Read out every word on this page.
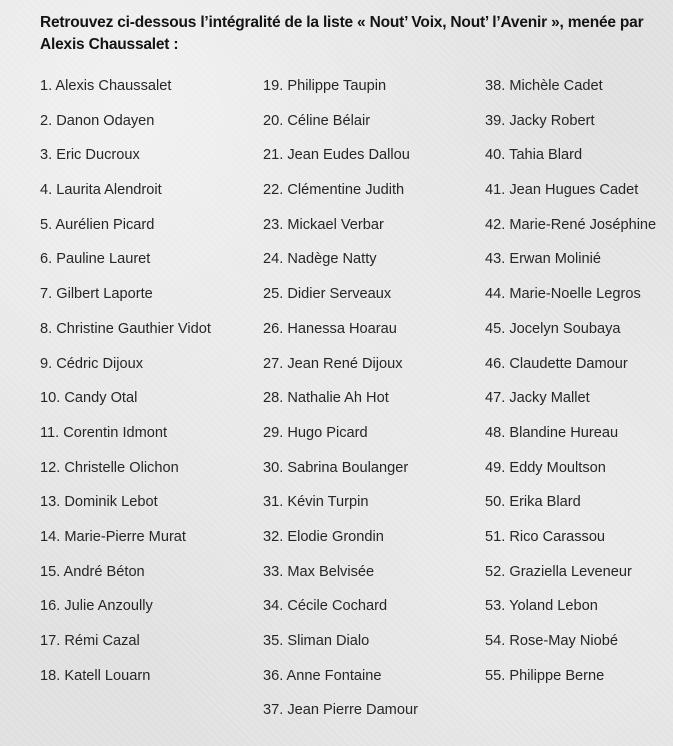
Retrouvez ci-dessous l’intégralité de la liste « Nout’ Voix, Nout’ l’Avenir », menée par Alexis Chaussalet :
1. Alexis Chaussalet
2. Danon Odayen
3. Eric Ducroux
4. Laurita Alendroit
5. Aurélien Picard
6. Pauline Lauret
7. Gilbert Laporte
8. Christine Gauthier Vidot
9. Cédric Dijoux
10. Candy Otal
11. Corentin Idmont
12. Christelle Olichon
13. Dominik Lebot
14. Marie-Pierre Murat
15. André Béton
16. Julie Anzoully
17. Rémi Cazal
18. Katell Louarn
19. Philippe Taupin
20. Céline Bélair
21. Jean Eudes Dallou
22. Clémentine Judith
23. Mickael Verbar
24. Nadège Natty
25. Didier Serveaux
26. Hanessa Hoarau
27. Jean René Dijoux
28. Nathalie Ah Hot
29. Hugo Picard
30. Sabrina Boulanger
31. Kévin Turpin
32. Elodie Grondin
33. Max Belvisée
34. Cécile Cochard
35. Sliman Dialo
36. Anne Fontaine
37. Jean Pierre Damour
38. Michèle Cadet
39. Jacky Robert
40. Tahia Blard
41. Jean Hugues Cadet
42. Marie-René Joséphine
43. Erwan Molinié
44. Marie-Noelle Legros
45. Jocelyn Soubaya
46. Claudette Damour
47. Jacky Mallet
48. Blandine Hureau
49. Eddy Moultson
50. Erika Blard
51. Rico Carassou
52. Graziella Leveneur
53. Yoland Lebon
54. Rose-May Niobé
55. Philippe Berne
